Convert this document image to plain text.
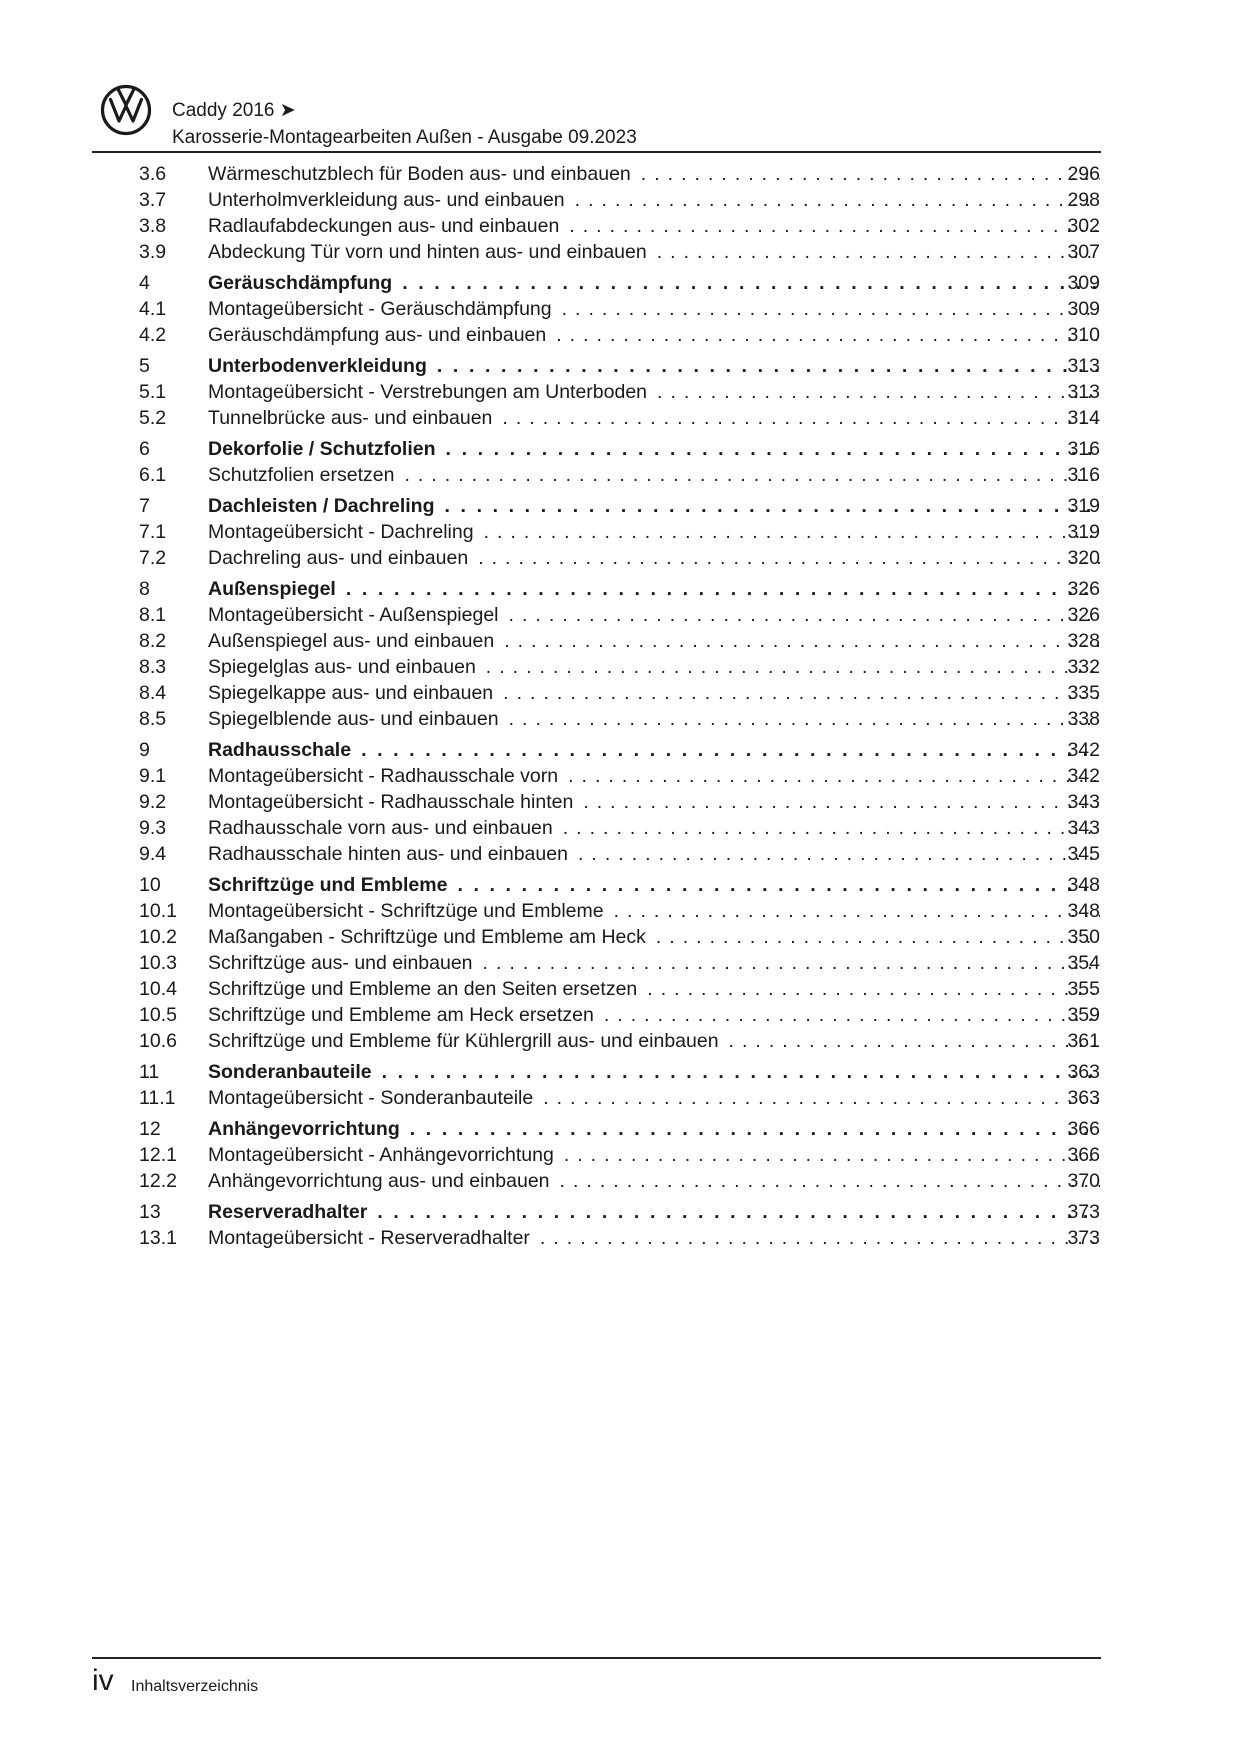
Caddy 2016 ➤
Karosserie-Montagearbeiten Außen - Ausgabe 09.2023
3.6 Wärmeschutzblech für Boden aus- und einbauen . . .	296
3.7 Unterholmverkleidung aus- und einbauen . . .	298
3.8 Radlaufabdeckungen aus- und einbauen . . .	302
3.9 Abdeckung Tür vorn und hinten aus- und einbauen . . .	307
4	Geräuschdämpfung . . .	309
4.1 Montageübersicht - Geräuschdämpfung . . .	309
4.2 Geräuschdämpfung aus- und einbauen . . .	310
5	Unterbodenverkleidung . . .	313
5.1 Montageübersicht - Verstrebungen am Unterboden . . .	313
5.2 Tunnelbrücke aus- und einbauen . . .	314
6	Dekorfolie / Schutzfolien . . .	316
6.1 Schutzfolien ersetzen . . .	316
7	Dachleisten / Dachreling . . .	319
7.1 Montageübersicht - Dachreling . . .	319
7.2 Dachreling aus- und einbauen . . .	320
8	Außenspiegel . . .	326
8.1 Montageübersicht - Außenspiegel . . .	326
8.2 Außenspiegel aus- und einbauen . . .	328
8.3 Spiegelglas aus- und einbauen . . .	332
8.4 Spiegelkappe aus- und einbauen . . .	335
8.5 Spiegelblende aus- und einbauen . . .	338
9	Radhausschale . . .	342
9.1 Montageübersicht - Radhausschale vorn . . .	342
9.2 Montageübersicht - Radhausschale hinten . . .	343
9.3 Radhausschale vorn aus- und einbauen . . .	343
9.4 Radhausschale hinten aus- und einbauen . . .	345
10 Schriftzüge und Embleme . . .	348
10.1 Montageübersicht - Schriftzüge und Embleme . . .	348
10.2 Maßangaben - Schriftzüge und Embleme am Heck . . .	350
10.3 Schriftzüge aus- und einbauen . . .	354
10.4 Schriftzüge und Embleme an den Seiten ersetzen . . .	355
10.5 Schriftzüge und Embleme am Heck ersetzen . . .	359
10.6 Schriftzüge und Embleme für Kühlergrill aus- und einbauen . . .	361
11	Sonderanbauteile . . .	363
11.1 Montageübersicht - Sonderanbauteile . . .	363
12 Anhängevorrichtung . . .	366
12.1 Montageübersicht - Anhängevorrichtung . . .	366
12.2 Anhängevorrichtung aus- und einbauen . . .	370
13 Reserveradhalter . . .	373
13.1 Montageübersicht - Reserveradhalter . . .	373
iv Inhaltsverzeichnis
